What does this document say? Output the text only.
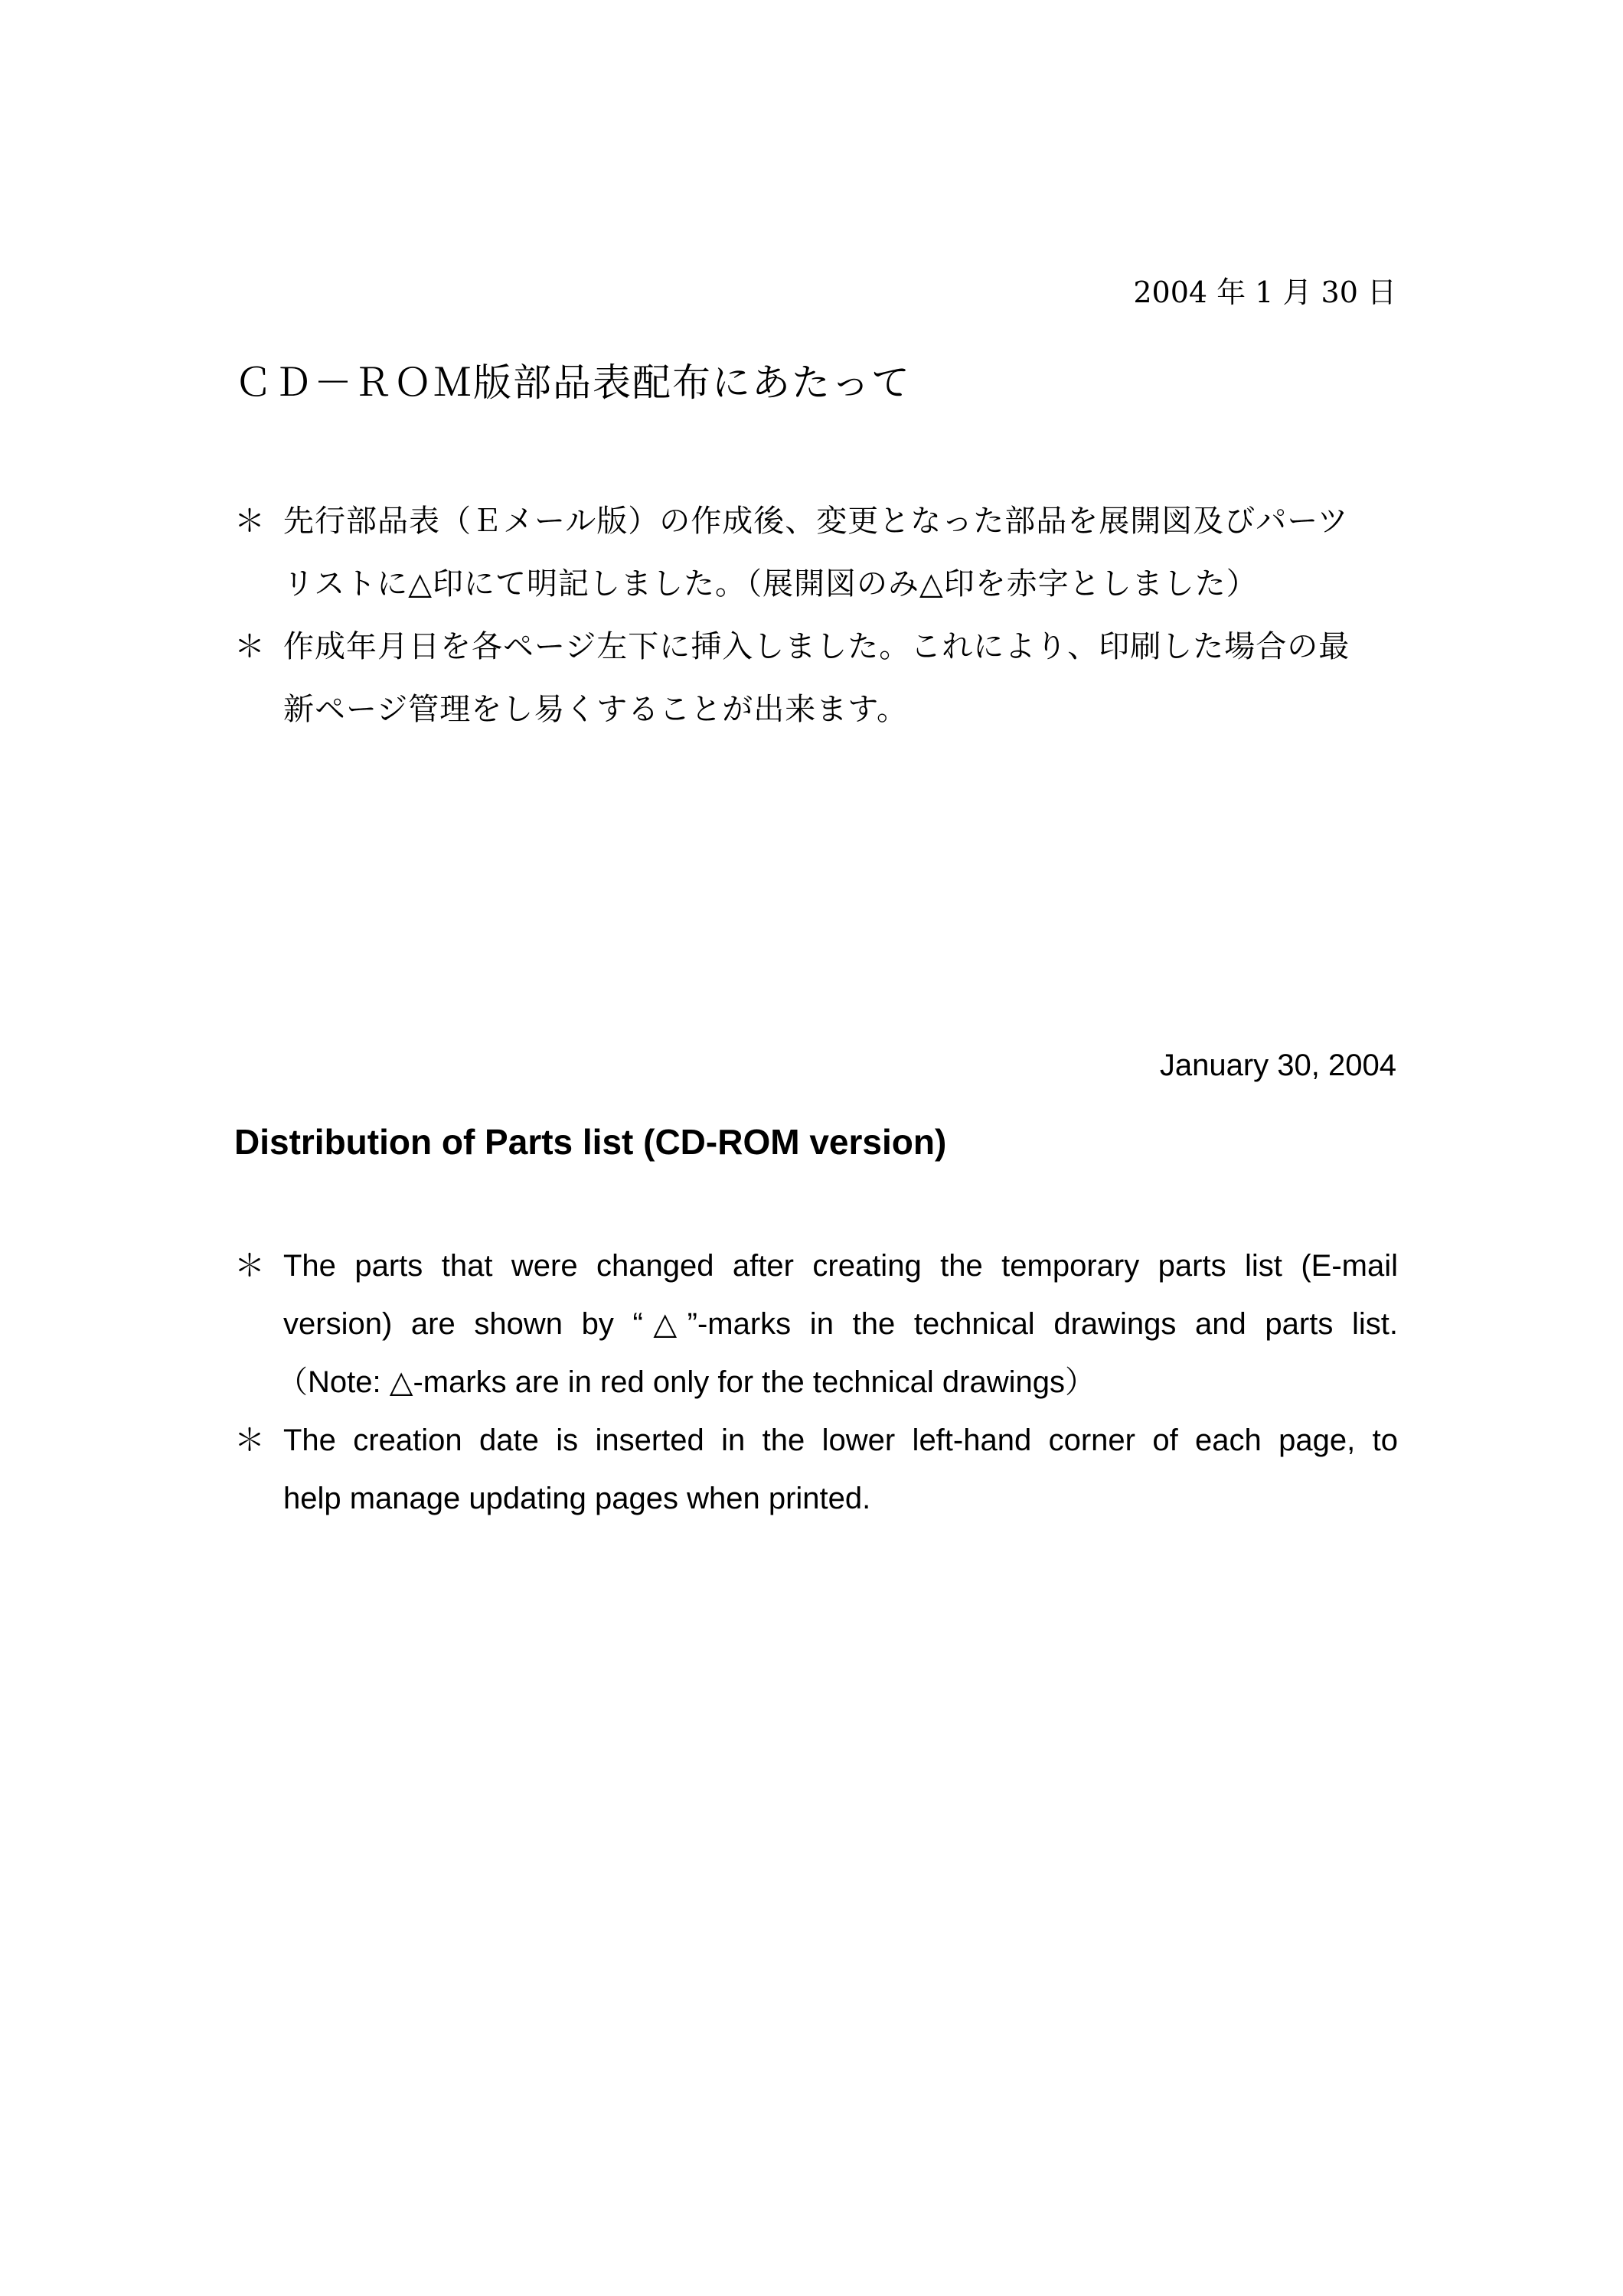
2004 年 1 月 30 日
ＣＤ－ＲＯＭ版部品表配布にあたって
＊ 先行部品表（Ｅメール版）の作成後、変更となった部品を展開図及びパーツ
リストに△印にて明記しました。（展開図のみ△印を赤字としました）
＊ 作成年月日を各ページ左下に挿入しました。これにより、印刷した場合の最
新ページ管理をし易くすることが出来ます。
January 30, 2004
Distribution of Parts list (CD-ROM version)
＊ The parts that were changed after creating the temporary parts list (E-mail
version) are shown by “△”-marks in the technical drawings and parts list.
（Note: △-marks are in red only for the technical drawings）
＊ The creation date is inserted in the lower left-hand corner of each page, to
help manage updating pages when printed.
